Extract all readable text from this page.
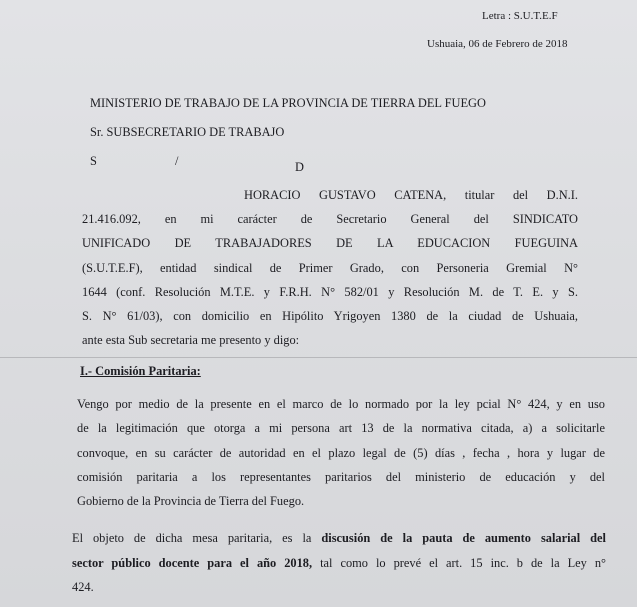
Letra : S.U.T.E.F
Ushuaia, 06 de Febrero de 2018
MINISTERIO DE TRABAJO DE LA PROVINCIA DE TIERRA DEL FUEGO
Sr. SUBSECRETARIO DE TRABAJO
S	/	D
HORACIO GUSTAVO CATENA, titular del D.N.I.
21.416.092, en mi carácter de Secretario General del SINDICATO
UNIFICADO DE TRABAJADORES DE LA EDUCACION FUEGUINA
(S.U.T.E.F), entidad sindical de Primer Grado, con Personeria Gremial N°
1644 (conf. Resolución M.T.E. y F.R.H. N° 582/01 y Resolución M. de T. E. y S.
S. N° 61/03), con domicilio en Hipólito Yrigoyen 1380 de la ciudad de Ushuaia,
ante esta Sub secretaria me presento y digo:
I.- Comisión Paritaria:
Vengo por medio de la presente en el marco de lo normado por la ley pcial N° 424, y en uso
de la legitimación que otorga a mi persona art 13 de la normativa citada, a) a solicitarle
convoque, en su carácter de autoridad en el plazo legal de (5) días , fecha , hora y lugar de
comisión paritaria a los representantes paritarios del ministerio de educación y del
Gobierno de la Provincia de Tierra del Fuego.
El objeto de dicha mesa paritaria, es la discusión de la pauta de aumento salarial del
sector público docente para el año 2018, tal como lo prevé el art. 15 inc. b de la Ley n°
424.
